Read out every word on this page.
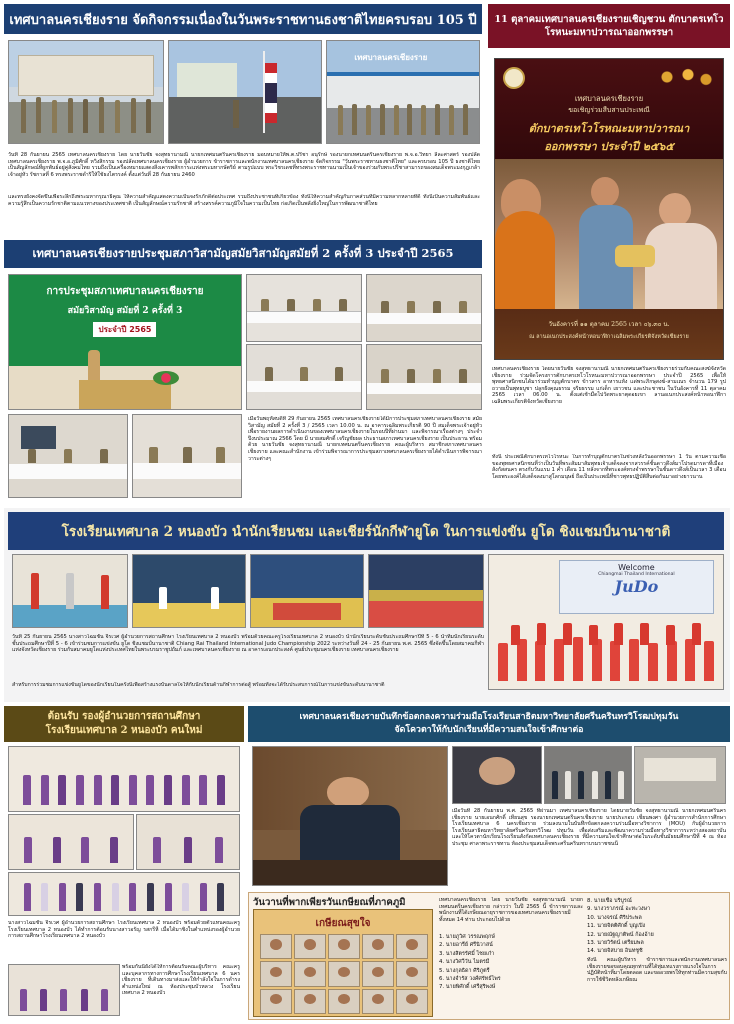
เทศบาลนครเชียงราย จัดกิจกรรมเนื่องในวันพระราชทานธงชาติไทยครบรอบ 105 ปี
เทศบาลนครเชียงราย
วันที่ 28 กันยายน 2565 เทศบาลนครเชียงราย โดย นายวันชัย จงสุทธานามณี นายกเทศมนตรีนครเชียงราย มอบหมายให้พ.ต.ปรีชา อนุรักษ์ รองนายกเทศมนตรีนครเชียงราย พ.จ.อ.วิทยา ลีละศาสตร์ รองปลัดเทศบาลนครเชียงราย พ.จ.อ.ภูมิศักดิ์ หวิงสิกรรม รองปลัดเทศบาลนครเชียงราย ผู้อำนวยการ ข้าราชการและพนักงานเทศบาลนครเชียงราย จัดกิจกรรม "วันพระราชทานธงชาติไทย" และครบรอบ 105 ปี ธงชาติไทยเป็นสัญลักษณ์ที่ผูกพันธ์อยู่คู่สังคมไทย รวมถึงเป็นเครื่องหมายแสดงสิ่งเคารพสักการะแห่งพระมหากษัตริย์ ตามรูปแบบ พระวิชรเดชที่ทรงพระราชทานนามเป็นเจ้าของร่วมกับพระปรีชาสามารถของสมเด็จพระมงกุฎเกล้าเจ้าอยู่หัว รัชกาลที่ 6 ทรงพระราชดำริให้ใช้ธงไตรรงค์ ตั้งแต่วันที่ 28 กันยายน 2460
และทรงยังคงจัดขึ้นเพื่อระลึกถึงพระมหากรุณาธิคุณ ให้ความสำคัญแสดงความเป็นจงรักภักดีต่อประเทศ รวมถึงประชาชนที่เกี่ยวข้อง ทั้งนี้ให้ความสำคัญกับภาคส่วนที่มีความหลากหลายที่ดี ทั้งนี้เป็นความสัมพันธ์และความรู้สึกเป็นความรักชาติตามแนวทางของประเทศชาติ เป็นสัญลักษณ์ความรักชาติ สร้างสรรค์ความภูมิใจในความเป็นไทย ก่อเกิดเป็นพลังยิ่งใหญ่ในการพัฒนาชาติไทย
11 ตุลาคมเทศบาลนครเชียงรายเชิญชวน ตักบาตรเทโวโรหนะมหาปวารณาออกพรรษา
เทศบาลนครเชียงราย
ขอเชิญร่วมสืบสานประเพณี
ตักบาตรเทโวโรหณะมหาปวารณา
ออกพรรษา ประจำปี ๒๕๖๕
วันอังคารที่ ๑๑ ตุลาคม 2565 เวลา ๐๖.๓๐ น.
ณ ลานอเนกประสงค์หน้าหอนาฬิกาเฉลิมพระเกียรติจังหวัดเชียงราย
เทศบาลนครเชียงราย โดยนายวันชัย จงสุทธานามณี นายกเทศมนตรีนครเชียงรายร่วมกับคณะสงฆ์จังหวัดเชียงราย ร่วมจัดโครงการตักบาตรเทโวโรหนะมหาปวารณาออกพรรษา ประจำปี 2565 เพื่อให้พุทธศาสนิกชนได้มาร่วมทำบุญตักบาตร ข้าวสาร อาหารแห้ง แด่พระภิกษุสงฆ์-สามเณร จำนวน 179 รูป ถวายเป็นพุทธบูชา ปลูกฝังคุณธรรม จริยธรรม แก่เด็ก เยาวชน และประชาชน ในวันอังคารที่ 11 ตุลาคม 2565 เวลา 06.00 น. ตั้งแต่เช้ามืดไปวัดพระธาตุดอยเขา ลานอเนกประสงค์หน้าหอนาฬิกาเฉลิมพระเกียรติจังหวัดเชียงราย
ทั้งนี้ ประเพณีตักบาตรเทโวโรหนะ ในการทำบุญตักบาตรในช่วงหลังวันออกพรรษา 1 วัน ตามความเชื่อของพุทธศาสนิกชนที่ว่าเป็นวันที่พระสัมมาสัมพุทธเจ้าเสด็จลงจากสวรรค์ชั้นดาวดึงส์มาโปรดมารดาที่เมืองสังกัสสนคร ตรงกับวันแรม 1 ค่ำ เดือน 11 หลังจากที่พระองค์ทรงจำพรรษาในชั้นดาวดึงส์เป็นเวลา 3 เดือน โดยพระองค์ได้เสด็จลงมาสู่โลกมนุษย์ ถือเป็นประเพณีที่ชาวพุทธปฏิบัติสืบต่อกันมาอย่างยาวนาน
เทศบาลนครเชียงรายประชุมสภาวิสามัญสมัยวิสามัญสมัยที่ 2 ครั้งที่ 3 ประจำปี 2565
การประชุมสภาเทศบาลนครเชียงราย
สมัยวิสามัญ สมัยที่ 2 ครั้งที่ 3
ประจำปี 2565
เมื่อวันพฤหัสบดีที่ 29 กันยายน 2565 เทศบาลนครเชียงรายได้มีการประชุมสภาเทศบาลนครเชียงราย สมัยวิสามัญ สมัยที่ 2 ครั้งที่ 3 / 2565 เวลา 10.00 น. ณ อาคารเฉลิมพระเกียรติ 90 ปี สมเด็จพระเจ้าอยู่หัว เพื่อรายงานผลการดำเนินงานของเทศบาลนครเชียงรายในรอบปีที่ผ่านมา และพิจารณาเรื่องต่างๆ ประจำปีงบประมาณ 2566 โดย มี นายสมศักดิ์ เจริญชัยผล ประธานสภาเทศบาลนครเชียงราย เป็นประธาน พร้อมด้วย นายวันชัย จงสุทธานามณี นายกเทศมนตรีนครเชียงราย คณะผู้บริหาร สมาชิกสภาเทศบาลนครเชียงราย และคณะสำนักงาน เข้าร่วมพิจารณาการประชุมสภาเทศบาลนครเชียงรายได้ดำเนินการพิจารณาวาระต่างๆ
โรงเรียนเทศบาล 2 หนองบัว นำนักเรียนชม และเชียร์นักกีฬายูโด ในการแข่งขัน ยูโด ชิงแชมป์นานาชาติ
Welcome
Chiangmai Thailand International
JuDo
วันที่ 25 กันยายน 2565 นางสาวโฉมชัน จิรเวศ ผู้อำนวยการสถานศึกษา โรงเรียนเทศบาล 2 หนองบัว พร้อมด้วยคณะครูโรงเรียนเทศบาล 2 หนองบัว นำนักเรียนระดับชั้นประถมศึกษาปีที่ 5 - 6 นำทีมนักเรียนระดับชั้นประถมศึกษาปีที่ 5 - 6 เข้าร่วมชมการแข่งขัน ยูโด ชิงแชมป์นานาชาติ Chiang Rai Thailand International Judo Championship 2022 ระหว่างวันที่ 24 - 25 กันยายน พ.ศ. 2565 ซึ่งจัดขึ้นโดยสมาคมกีฬาแห่งจังหวัดเชียงราย ร่วมกับสมาคมยูโดแห่งประเทศไทยในพระบรมราชูปถัมภ์ และเทศบาลนครเชียงราย ณ อาคารเอนกประสงค์ ศูนย์ประชุมนครเชียงราย เทศบาลนครเชียงราย
สำหรับการร่วมชมการแข่งขันยูโดของนักเรียนในครั้งนี้เพื่อสร้างแรงบันดาลใจให้กับนักเรียนด้านกีฬาการต่อสู้ พร้อมทั้งจะได้รับประสบการณ์ในการแข่งขันระดับนานาชาติ
ต้อนรับ รองผู้อำนวยการสถานศึกษา
โรงเรียนเทศบาล 2 หนองบัว คนใหม่
นางสาวโฉมชัน จิรเวศ ผู้อำนวยการสถานศึกษา โรงเรียนเทศบาล 2 หนองบัว พร้อมด้วยตัวแทนคณะครูโรงเรียนเทศบาล 2 หนองบัว ได้ทำการต้อนรับนางสาวอรัญ รสกรีหี เมื่อได้มาชิงในตำแหน่งรองผู้อำนวยการสถานศึกษาโรงเรียนเทศบาล 2 หนองบัว
พร้อมกันนี้ยังได้ให้การต้อนรับคณะผู้บริหาร คณะครู และบุคลากรทางการศึกษาโรงเรียนเทศบาล 6 นครเชียงราย ที่เดินทางมาส่งและให้กำลังใจในการดำรงตำแหน่งใหม่ ณ ห้องประชุมบัวหลวง โรงเรียนเทศบาล 2 หนองบัว
เทศบาลนครเชียงรายบันทึกข้อตกลงความร่วมมือโรงเรียนสาธิตมหาวิทยาลัยศรีนครินทรวิโรฒปทุมวัน
จัดโควตาให้กับนักเรียนที่มีความสนใจเข้าศึกษาต่อ
เมื่อวันที่ 28 กันยายน พ.ศ. 2565 ที่ผ่านมา เทศบาลนครเชียงราย โดยนายวันชัย จงสุทธานามณี นายกเทศมนตรีนครเชียงราย นายเอนกศักดิ์ เทียนสุข รองนายกเทศมนตรีนครเชียงราย นายประกอบ เชี่ยนพงศา ผู้อำนวยการสำนักการศึกษาโรงเรียนเทศบาล 6 นครเชียงราย ร่วมลงนามในบันทึกข้อตกลงความร่วมมือทางวิชาการ (MOU) กับผู้อำนวยการโรงเรียนสาธิตมหาวิทยาลัยศรีนครินทรวิโรฒ ปทุมวัน เพื่อส่งเสริมและพัฒนาความร่วมมือทางวิชาการระหว่างสองสถาบัน และให้โควตานักเรียนโรงเรียนสังกัดเทศบาลนครเชียงราย ที่มีความสนใจเข้าศึกษาต่อในระดับชั้นมัธยมศึกษาปีที่ 4 ณ ห้องประชุม ศาลาพระราชทาน ห้องประชุมสมเด็จพระศรีนครินทราบรมราชชนนี
วันวานที่พากเพียรวันเกษียณที่ภาคภูมิ
เกษียณสุขใจ
เทศบาลนครเชียงราย โดย นายวันชัย จงสุทธานามณี นายกเทศมนตรีนครเชียงราย กล่าวว่า ในปี 2565 นี้ ข้าราชการและพนักงานที่ได้เกษียณอายุราชการของเทศบาลนครเชียงรายมีทั้งหมด 14 ท่าน ประกอบไปด้วย
1. นายภูวิศ วรรณพฤกษ์
2. นายอารีย์ ศรีนิวาสน์
3. นางสิตรรัศมิ์ ไชยเก๋า
4. นางวิศวีวัน ไมตรมี
5. นางกุลธิดา ศิริภูตรี
6. นางจำรัส วงศ์ศรัทธ์ไพร
7. นายพิศักดิ์ เศรีสุริพงษ์
8. นายเชือ บริบูรณ์
9. นางวราภรณ์ อะทะวงษา
10. นางจรณ์ ศิริประพล
11. นายจิตติศักดิ์ บุญเปิง
12. นายณัฐญาติพน์ ก้องอ้าย
13. นายวิรัตน์ เตรียมพล
14. นายจิสบาย อินทชูชิ
ทั้งนี้ คณะผู้บริหาร ข้าราชการและพนักงานเทศบาลนครเชียงรายขอขอบคุณทุกท่านที่ได้ทุ่มเทแรงกายแรงใจในการปฏิบัติหน้าที่มาโดยตลอด และขออวยพรให้ทุกท่านมีความสุขกับการใช้ชีวิตหลังเกษียณ
